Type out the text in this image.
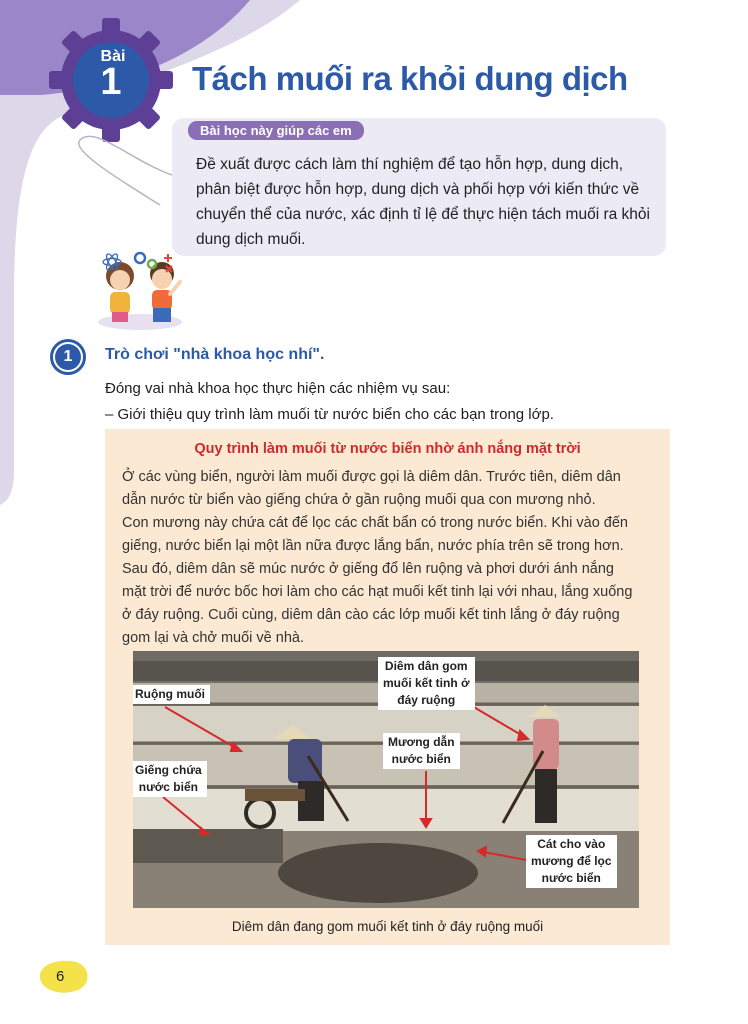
Bài
1	Tách muối ra khỏi dung dịch
Bài học này giúp các em
Đề xuất được cách làm thí nghiệm để tạo hỗn hợp, dung dịch,
phân biệt được hỗn hợp, dung dịch và phối hợp với kiến thức về
chuyển thể của nước, xác định tỉ lệ để thực hiện tách muối ra khỏi
dung dịch muối.
1	Trò chơi "nhà khoa học nhí".
Đóng vai nhà khoa học thực hiện các nhiệm vụ sau:
– Giới thiệu quy trình làm muối từ nước biển cho các bạn trong lớp.
Quy trình làm muối từ nước biển nhờ ánh nắng mặt trời
Ở các vùng biển, người làm muối được gọi là diêm dân. Trước tiên, diêm dân
dẫn nước từ biển vào giếng chứa ở gần ruộng muối qua con mương nhỏ.
Con mương này chứa cát để lọc các chất bẩn có trong nước biển. Khi vào đến
giếng, nước biển lại một lần nữa được lắng bẩn, nước phía trên sẽ trong hơn.
Sau đó, diêm dân sẽ múc nước ở giếng đổ lên ruộng và phơi dưới ánh nắng
mặt trời để nước bốc hơi làm cho các hạt muối kết tinh lại với nhau, lắng xuống
ở đáy ruộng. Cuối cùng, diêm dân cào các lớp muối kết tinh lắng ở đáy ruộng
gom lại và chở muối về nhà.
Ruộng muối
Diêm dân gom
muối kết tinh ở
đáy ruộng
Giếng chứa
nước biển
Mương dẫn
nước biển
Cát cho vào
mương để lọc
nước biển
Diêm dân đang gom muối kết tinh ở đáy ruộng muối
6
